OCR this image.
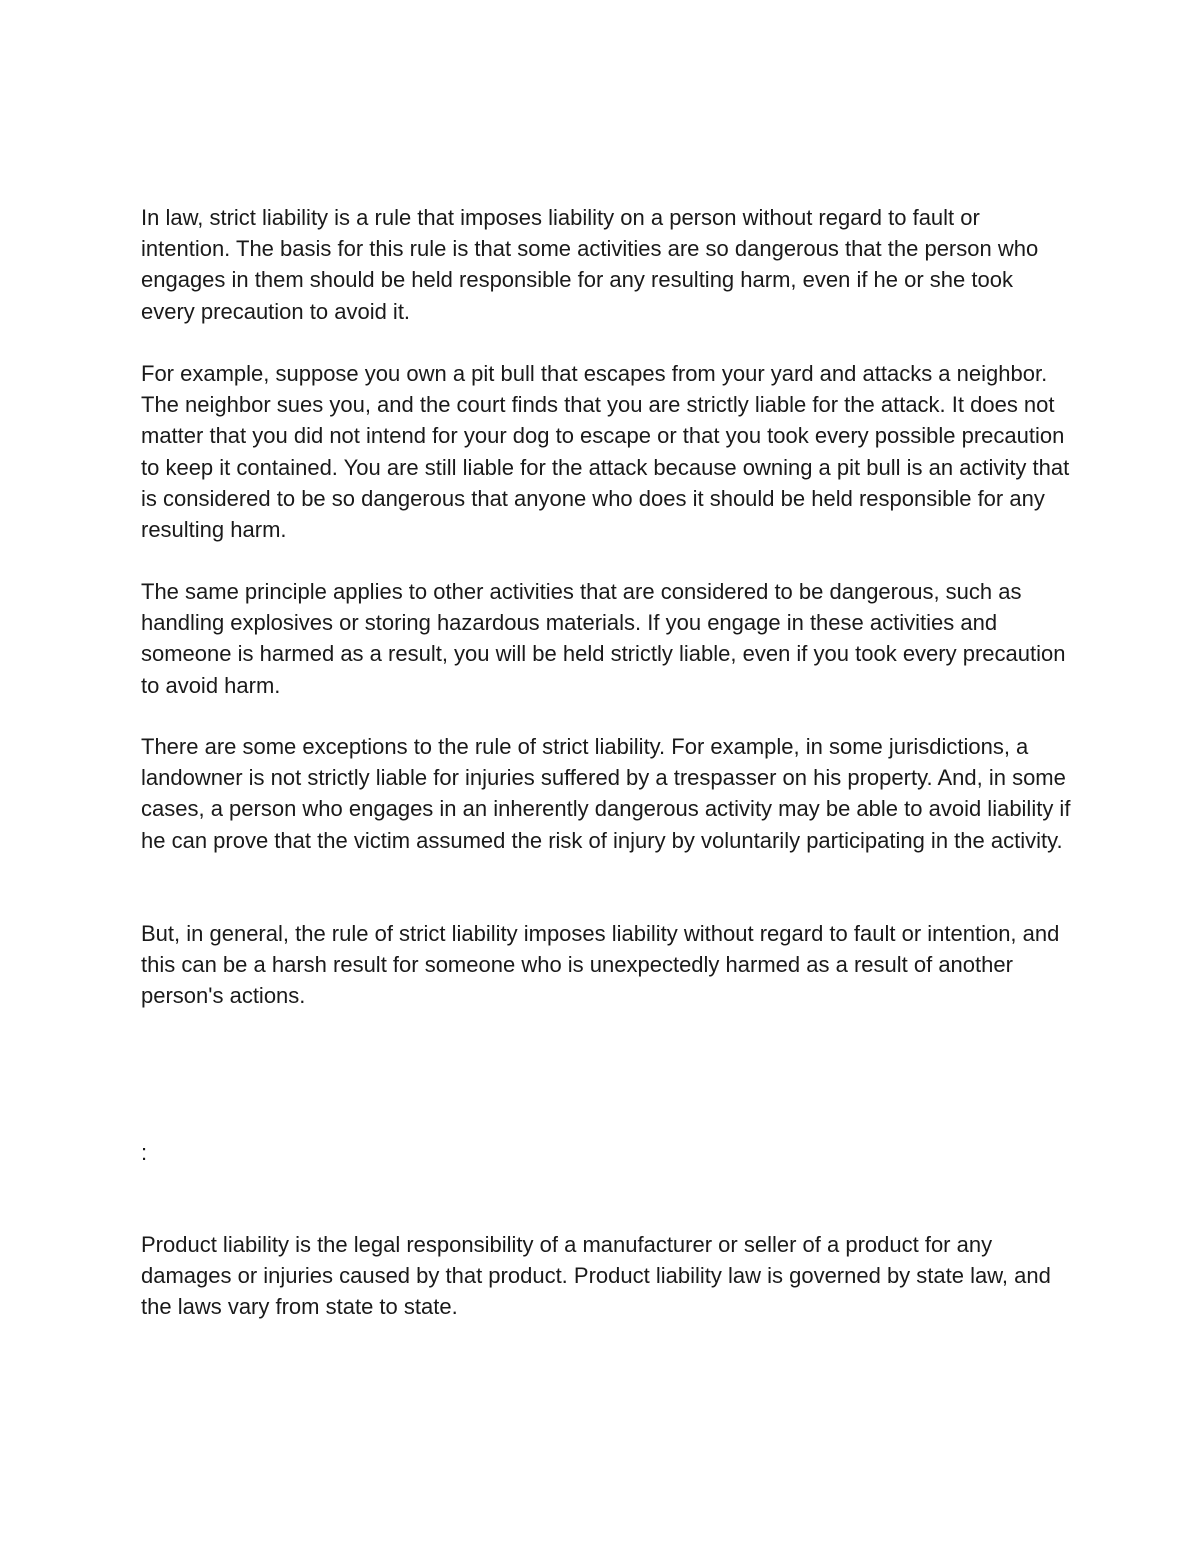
In law, strict liability is a rule that imposes liability on a person without regard to fault or intention. The basis for this rule is that some activities are so dangerous that the person who engages in them should be held responsible for any resulting harm, even if he or she took every precaution to avoid it.

For example, suppose you own a pit bull that escapes from your yard and attacks a neighbor. The neighbor sues you, and the court finds that you are strictly liable for the attack. It does not matter that you did not intend for your dog to escape or that you took every possible precaution to keep it contained. You are still liable for the attack because owning a pit bull is an activity that is considered to be so dangerous that anyone who does it should be held responsible for any resulting harm.

The same principle applies to other activities that are considered to be dangerous, such as handling explosives or storing hazardous materials. If you engage in these activities and someone is harmed as a result, you will be held strictly liable, even if you took every precaution to avoid harm.

There are some exceptions to the rule of strict liability. For example, in some jurisdictions, a landowner is not strictly liable for injuries suffered by a trespasser on his property. And, in some cases, a person who engages in an inherently dangerous activity may be able to avoid liability if he can prove that the victim assumed the risk of injury by voluntarily participating in the activity.

But, in general, the rule of strict liability imposes liability without regard to fault or intention, and this can be a harsh result for someone who is unexpectedly harmed as a result of another person's actions.

:

Product liability is the legal responsibility of a manufacturer or seller of a product for any damages or injuries caused by that product. Product liability law is governed by state law, and the laws vary from state to state.
